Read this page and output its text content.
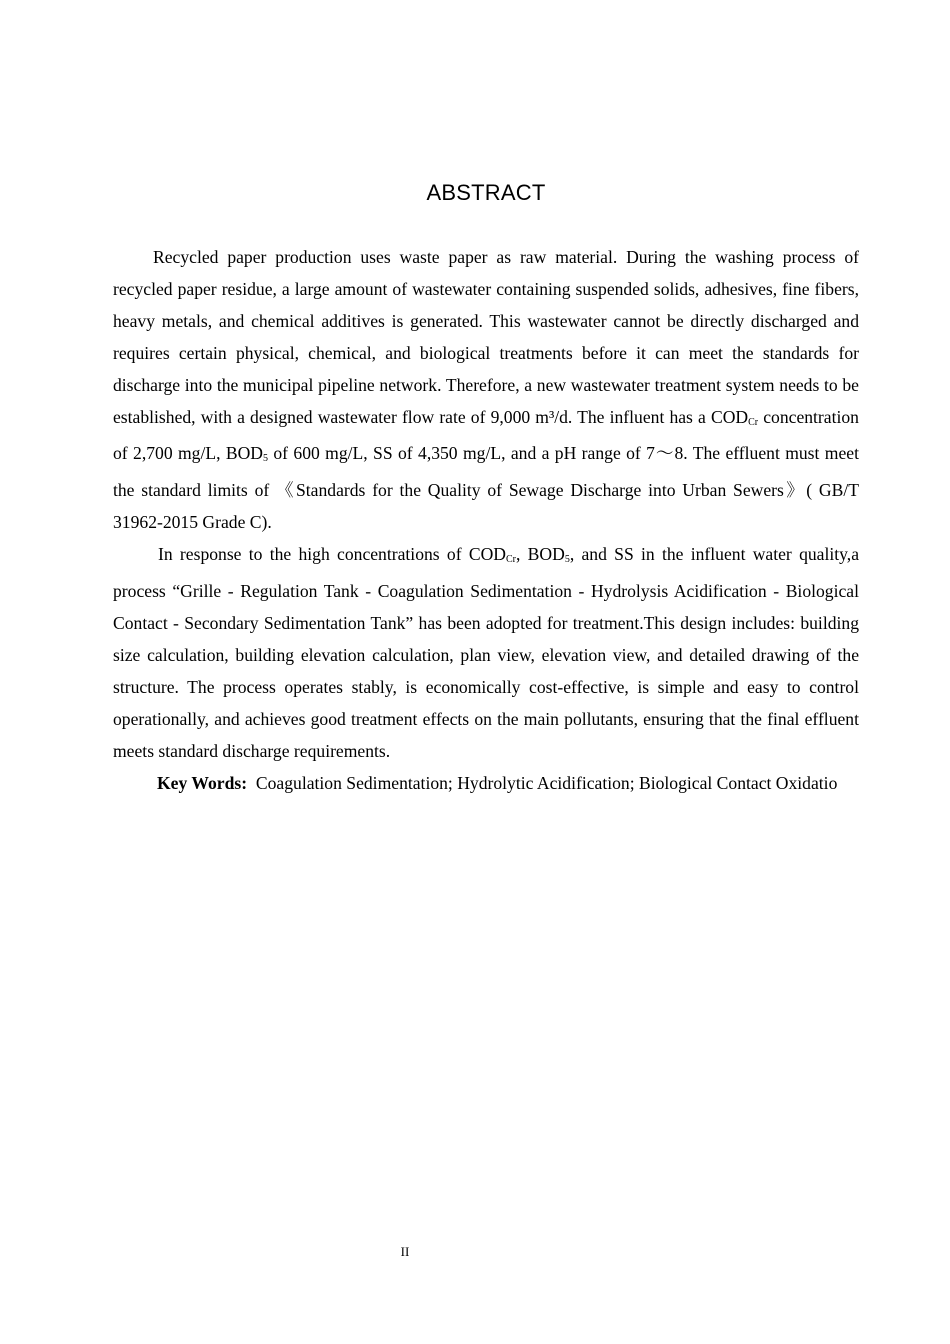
ABSTRACT

Recycled paper production uses waste paper as raw material. During the washing process of recycled paper residue, a large amount of wastewater containing suspended solids, adhesives, fine fibers, heavy metals, and chemical additives is generated. This wastewater cannot be directly discharged and requires certain physical, chemical, and biological treatments before it can meet the standards for discharge into the municipal pipeline network. Therefore, a new wastewater treatment system needs to be established, with a designed wastewater flow rate of 9,000 m³/d. The influent has a $COD_{Cr}$ concentration of 2,700 mg/L, $BOD_5$ of 600 mg/L, SS of 4,350 mg/L, and a pH range of 7～8. The effluent must meet the standard limits of 《Standards for the Quality of Sewage Discharge into Urban Sewers》( GB/T 31962-2015 Grade C).

In response to the high concentrations of $COD_{Cr}$, $BOD_5$, and SS in the influent water quality,a process “Grille - Regulation Tank - Coagulation Sedimentation - Hydrolysis Acidification - Biological Contact - Secondary Sedimentation Tank” has been adopted for treatment.This design includes: building size calculation, building elevation calculation, plan view, elevation view, and detailed drawing of the structure. The process operates stably, is economically cost-effective, is simple and easy to control operationally, and achieves good treatment effects on the main pollutants, ensuring that the final effluent meets standard discharge requirements.

Key Words: Coagulation Sedimentation; Hydrolytic Acidification; Biological Contact Oxidatio

II
